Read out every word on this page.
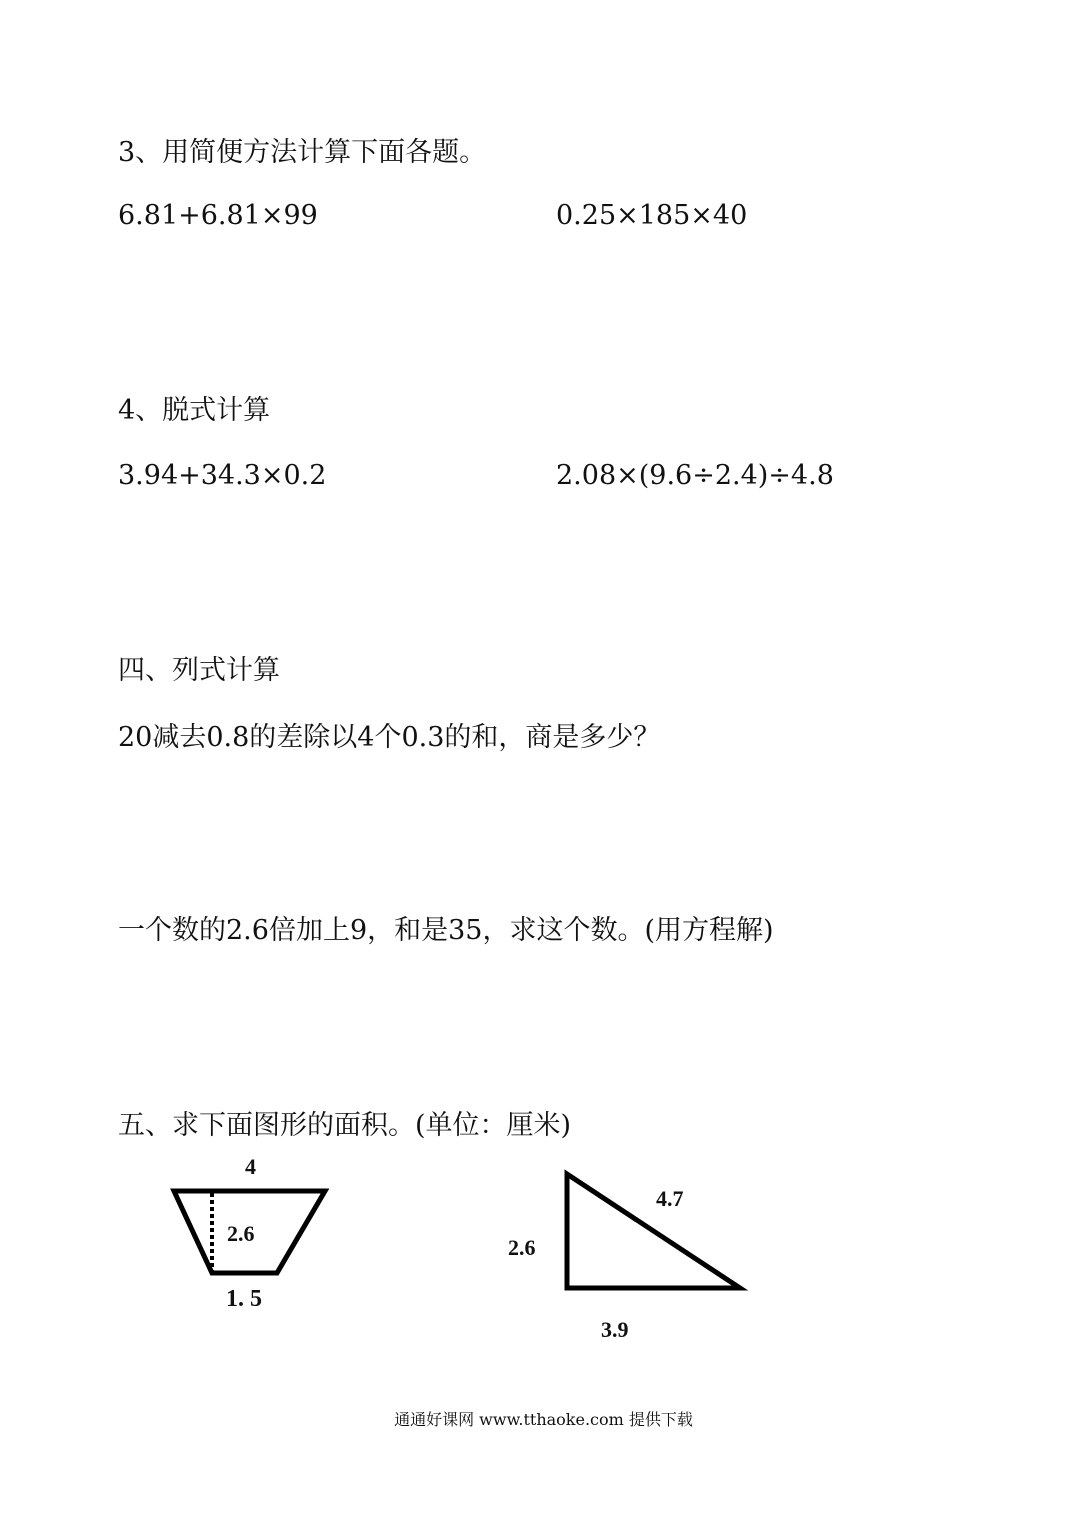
3、用简便方法计算下面各题。
6.81+6.81×99	0.25×185×40
4、脱式计算
3.94+34.3×0.2	2.08×(9.6÷2.4)÷4.8
四、列式计算
20减去0.8的差除以4个0.3的和，商是多少？
一个数的2.6倍加上9，和是35，求这个数。(用方程解)
五、求下面图形的面积。(单位：厘米)
4
2.6
1. 5
4.7
2.6
3.9
通通好课网 www.tthaoke.com 提供下载
